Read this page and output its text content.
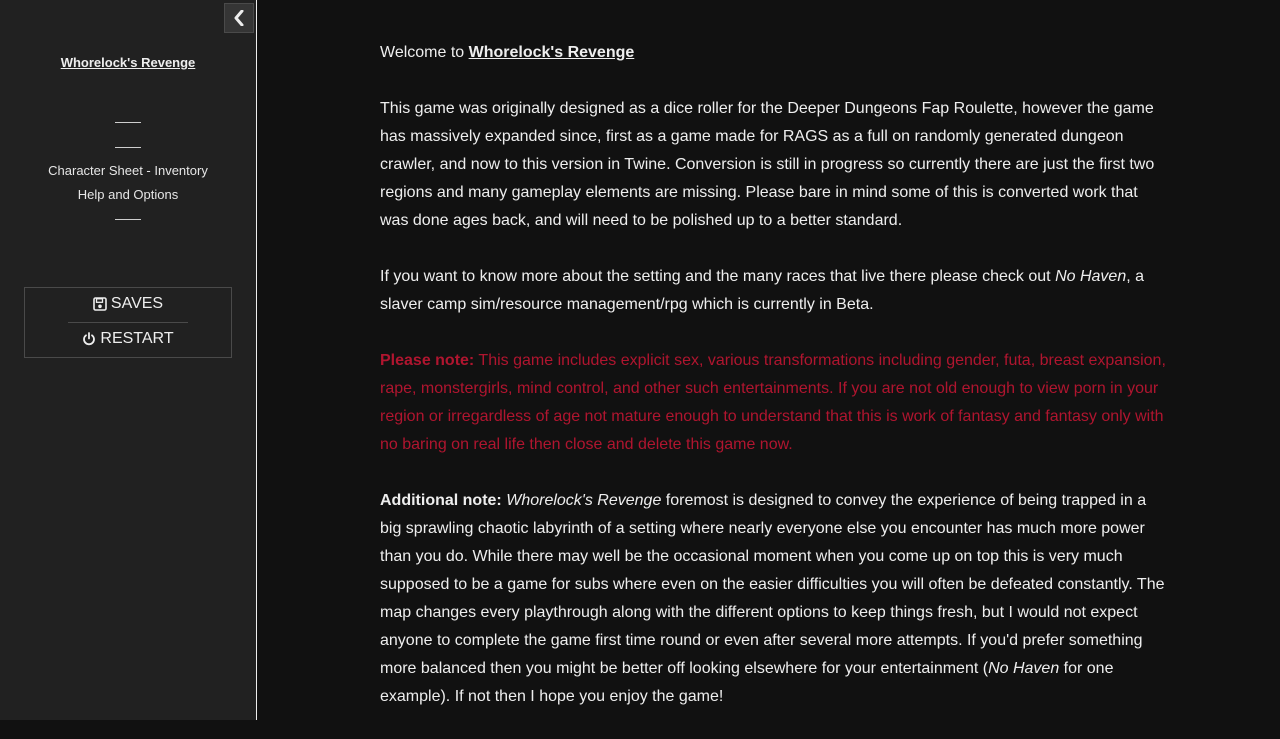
Whorelock's Revenge
——
——
Character Sheet - Inventory
Help and Options
——
SAVES
RESTART

Welcome to Whorelock's Revenge

This game was originally designed as a dice roller for the Deeper Dungeons Fap Roulette, however the game has massively expanded since, first as a game made for RAGS as a full on randomly generated dungeon crawler, and now to this version in Twine. Conversion is still in progress so currently there are just the first two regions and many gameplay elements are missing. Please bare in mind some of this is converted work that was done ages back, and will need to be polished up to a better standard.

If you want to know more about the setting and the many races that live there please check out No Haven, a slaver camp sim/resource management/rpg which is currently in Beta.

Please note: This game includes explicit sex, various transformations including gender, futa, breast expansion, rape, monstergirls, mind control, and other such entertainments. If you are not old enough to view porn in your region or irregardless of age not mature enough to understand that this is work of fantasy and fantasy only with no baring on real life then close and delete this game now.

Additional note: Whorelock's Revenge foremost is designed to convey the experience of being trapped in a big sprawling chaotic labyrinth of a setting where nearly everyone else you encounter has much more power than you do. While there may well be the occasional moment when you come up on top this is very much supposed to be a game for subs where even on the easier difficulties you will often be defeated constantly. The map changes every playthrough along with the different options to keep things fresh, but I would not expect anyone to complete the game first time round or even after several more attempts. If you'd prefer something more balanced then you might be better off looking elsewhere for your entertainment (No Haven for one example). If not then I hope you enjoy the game!
